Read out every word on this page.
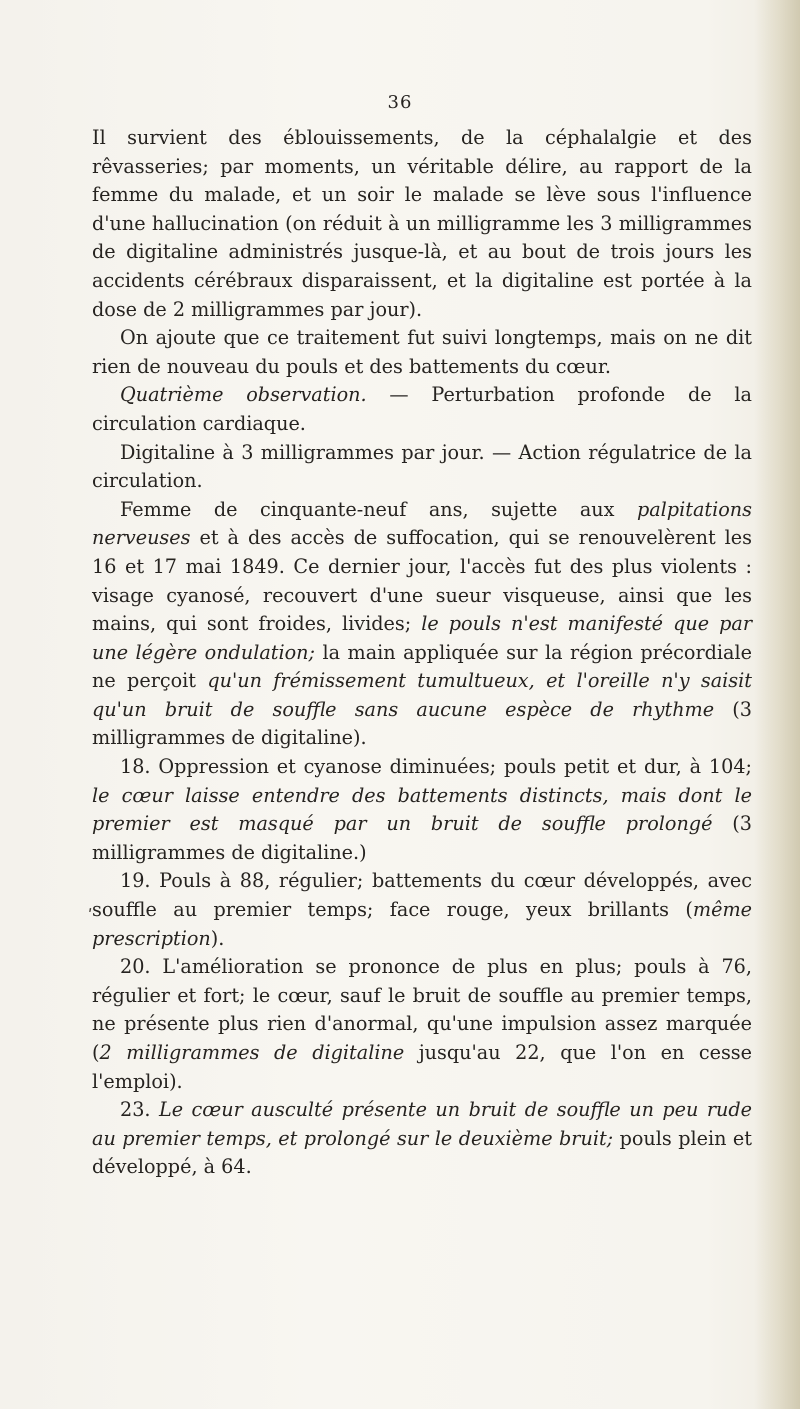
36

Il survient des éblouissements, de la céphalalgie et des rêvasseries; par moments, un véritable délire, au rapport de la femme du malade, et un soir le malade se lève sous l'influence d'une hallucination (on réduit à un milligramme les 3 milligrammes de digitaline administrés jusque-là, et au bout de trois jours les accidents cérébraux disparaissent, et la digitaline est portée à la dose de 2 milligrammes par jour).

On ajoute que ce traitement fut suivi longtemps, mais on ne dit rien de nouveau du pouls et des battements du cœur.

Quatrième observation. — Perturbation profonde de la circulation cardiaque.

Digitaline à 3 milligrammes par jour. — Action régulatrice de la circulation.

Femme de cinquante-neuf ans, sujette aux palpitations nerveuses et à des accès de suffocation, qui se renouvelèrent les 16 et 17 mai 1849. Ce dernier jour, l'accès fut des plus violents : visage cyanosé, recouvert d'une sueur visqueuse, ainsi que les mains, qui sont froides, livides; le pouls n'est manifesté que par une légère ondulation; la main appliquée sur la région précordiale ne perçoit qu'un frémissement tumultueux, et l'oreille n'y saisit qu'un bruit de souffle sans aucune espèce de rhythme (3 milligrammes de digitaline).

18. Oppression et cyanose diminuées; pouls petit et dur, à 104; le cœur laisse entendre des battements distincts, mais dont le premier est masqué par un bruit de souffle prolongé (3 milligrammes de digitaline.)

19. Pouls à 88, régulier; battements du cœur développés, avec souffle au premier temps; face rouge, yeux brillants (même prescription).

20. L'amélioration se prononce de plus en plus; pouls à 76, régulier et fort; le cœur, sauf le bruit de souffle au premier temps, ne présente plus rien d'anormal, qu'une impulsion assez marquée (2 milligrammes de digitaline jusqu'au 22, que l'on en cesse l'emploi).

23. Le cœur ausculté présente un bruit de souffle un peu rude au premier temps, et prolongé sur le deuxième bruit; pouls plein et développé, à 64.

ʹ
